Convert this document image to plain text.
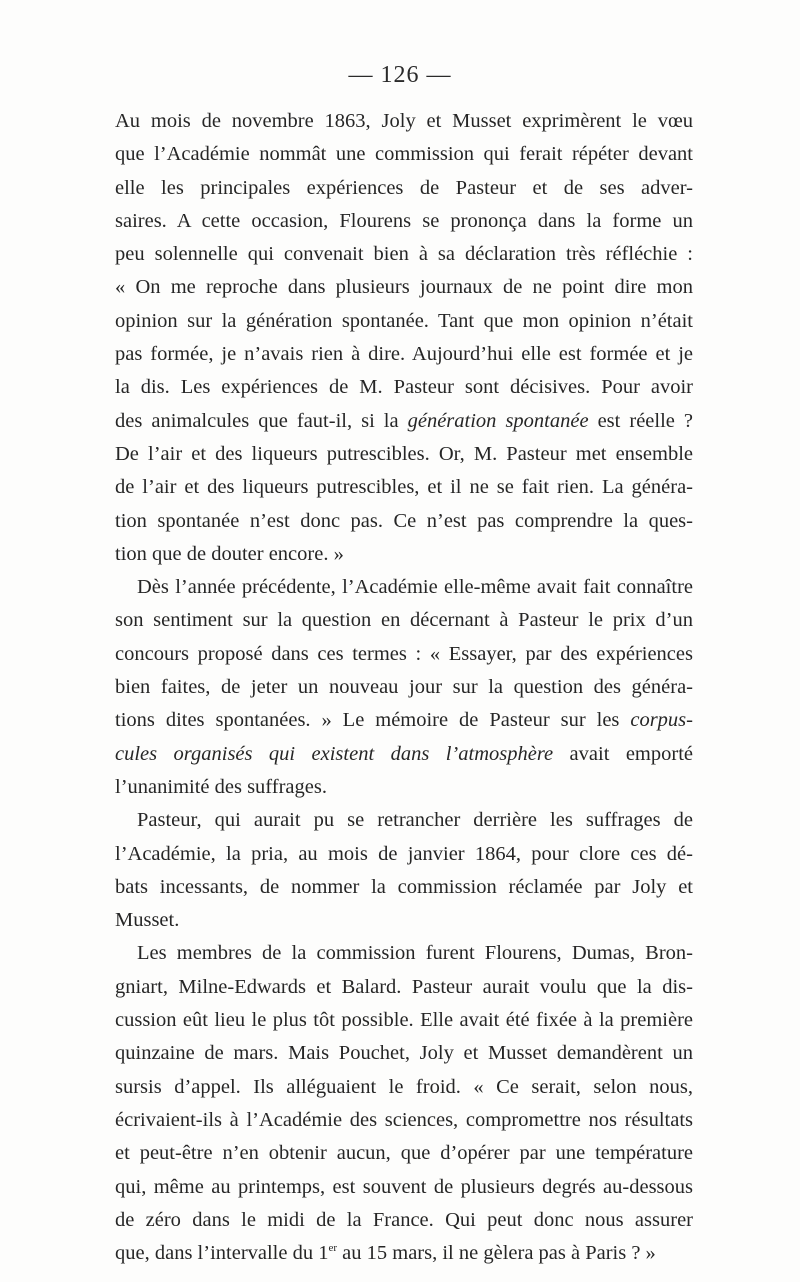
— 126 —
Au mois de novembre 1863, Joly et Musset exprimèrent le vœu
que l’Académie nommât une commission qui ferait répéter devant
elle les principales expériences de Pasteur et de ses adver-
saires. A cette occasion, Flourens se prononça dans la forme un
peu solennelle qui convenait bien à sa déclaration très réfléchie :
« On me reproche dans plusieurs journaux de ne point dire mon
opinion sur la génération spontanée. Tant que mon opinion n’était
pas formée, je n’avais rien à dire. Aujourd’hui elle est formée et je
la dis. Les expériences de M. Pasteur sont décisives. Pour avoir
des animalcules que faut-il, si la génération spontanée est réelle ?
De l’air et des liqueurs putrescibles. Or, M. Pasteur met ensemble
de l’air et des liqueurs putrescibles, et il ne se fait rien. La généra-
tion spontanée n’est donc pas. Ce n’est pas comprendre la ques-
tion que de douter encore. »
Dès l’année précédente, l’Académie elle-même avait fait connaître
son sentiment sur la question en décernant à Pasteur le prix d’un
concours proposé dans ces termes : « Essayer, par des expériences
bien faites, de jeter un nouveau jour sur la question des généra-
tions dites spontanées. » Le mémoire de Pasteur sur les corpus-
cules organisés qui existent dans l’atmosphère avait emporté
l’unanimité des suffrages.
Pasteur, qui aurait pu se retrancher derrière les suffrages de
l’Académie, la pria, au mois de janvier 1864, pour clore ces dé-
bats incessants, de nommer la commission réclamée par Joly et
Musset.
Les membres de la commission furent Flourens, Dumas, Bron-
gniart, Milne-Edwards et Balard. Pasteur aurait voulu que la dis-
cussion eût lieu le plus tôt possible. Elle avait été fixée à la première
quinzaine de mars. Mais Pouchet, Joly et Musset demandèrent un
sursis d’appel. Ils alléguaient le froid. « Ce serait, selon nous,
écrivaient-ils à l’Académie des sciences, compromettre nos résultats
et peut-être n’en obtenir aucun, que d’opérer par une température
qui, même au printemps, est souvent de plusieurs degrés au-dessous
de zéro dans le midi de la France. Qui peut donc nous assurer
que, dans l’intervalle du 1er au 15 mars, il ne gèlera pas à Paris ? »
